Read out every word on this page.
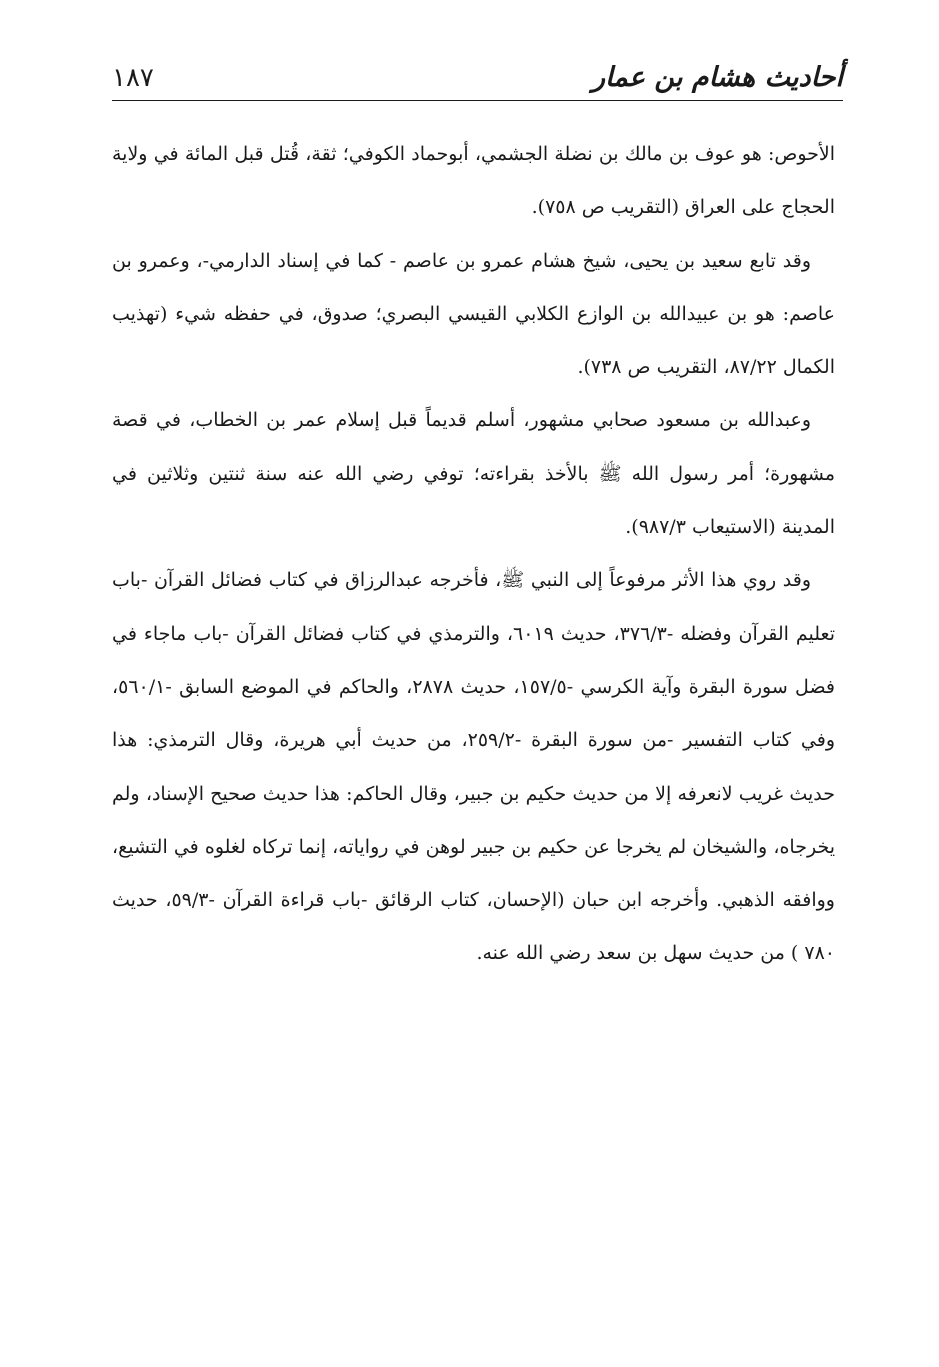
أحاديث هشام بن عمار
١٨٧

الأحوص: هو عوف بن مالك بن نضلة الجشمي، أبوحماد الكوفي؛ ثقة، قُتل قبل المائة في ولاية الحجاج على العراق (التقريب ص ٧٥٨).

وقد تابع سعيد بن يحيى، شيخ هشام عمرو بن عاصم - كما في إسناد الدارمي-، وعمرو بن عاصم: هو بن عبيدالله بن الوازع الكلابي القيسي البصري؛ صدوق، في حفظه شيء (تهذيب الكمال ٨٧/٢٢، التقريب ص ٧٣٨).

وعبدالله بن مسعود صحابي مشهور، أسلم قديماً قبل إسلام عمر بن الخطاب، في قصة مشهورة؛ أمر رسول الله ﷺ بالأخذ بقراءته؛ توفي رضي الله عنه سنة ثنتين وثلاثين في المدينة (الاستيعاب ٩٨٧/٣).

وقد روي هذا الأثر مرفوعاً إلى النبي ﷺ، فأخرجه عبدالرزاق في كتاب فضائل القرآن -باب تعليم القرآن وفضله -٣٧٦/٣، حديث ٦٠١٩، والترمذي في كتاب فضائل القرآن -باب ماجاء في فضل سورة البقرة وآية الكرسي -١٥٧/٥، حديث ٢٨٧٨، والحاكم في الموضع السابق -٥٦٠/١، وفي كتاب التفسير -من سورة البقرة -٢٥٩/٢، من حديث أبي هريرة، وقال الترمذي: هذا حديث غريب لانعرفه إلا من حديث حكيم بن جبير، وقال الحاكم: هذا حديث صحيح الإسناد، ولم يخرجاه، والشيخان لم يخرجا عن حكيم بن جبير لوهن في رواياته، إنما تركاه لغلوه في التشيع، ووافقه الذهبي. وأخرجه ابن حبان (الإحسان، كتاب الرقائق -باب قراءة القرآن -٥٩/٣، حديث ٧٨٠ ) من حديث سهل بن سعد رضي الله عنه.
